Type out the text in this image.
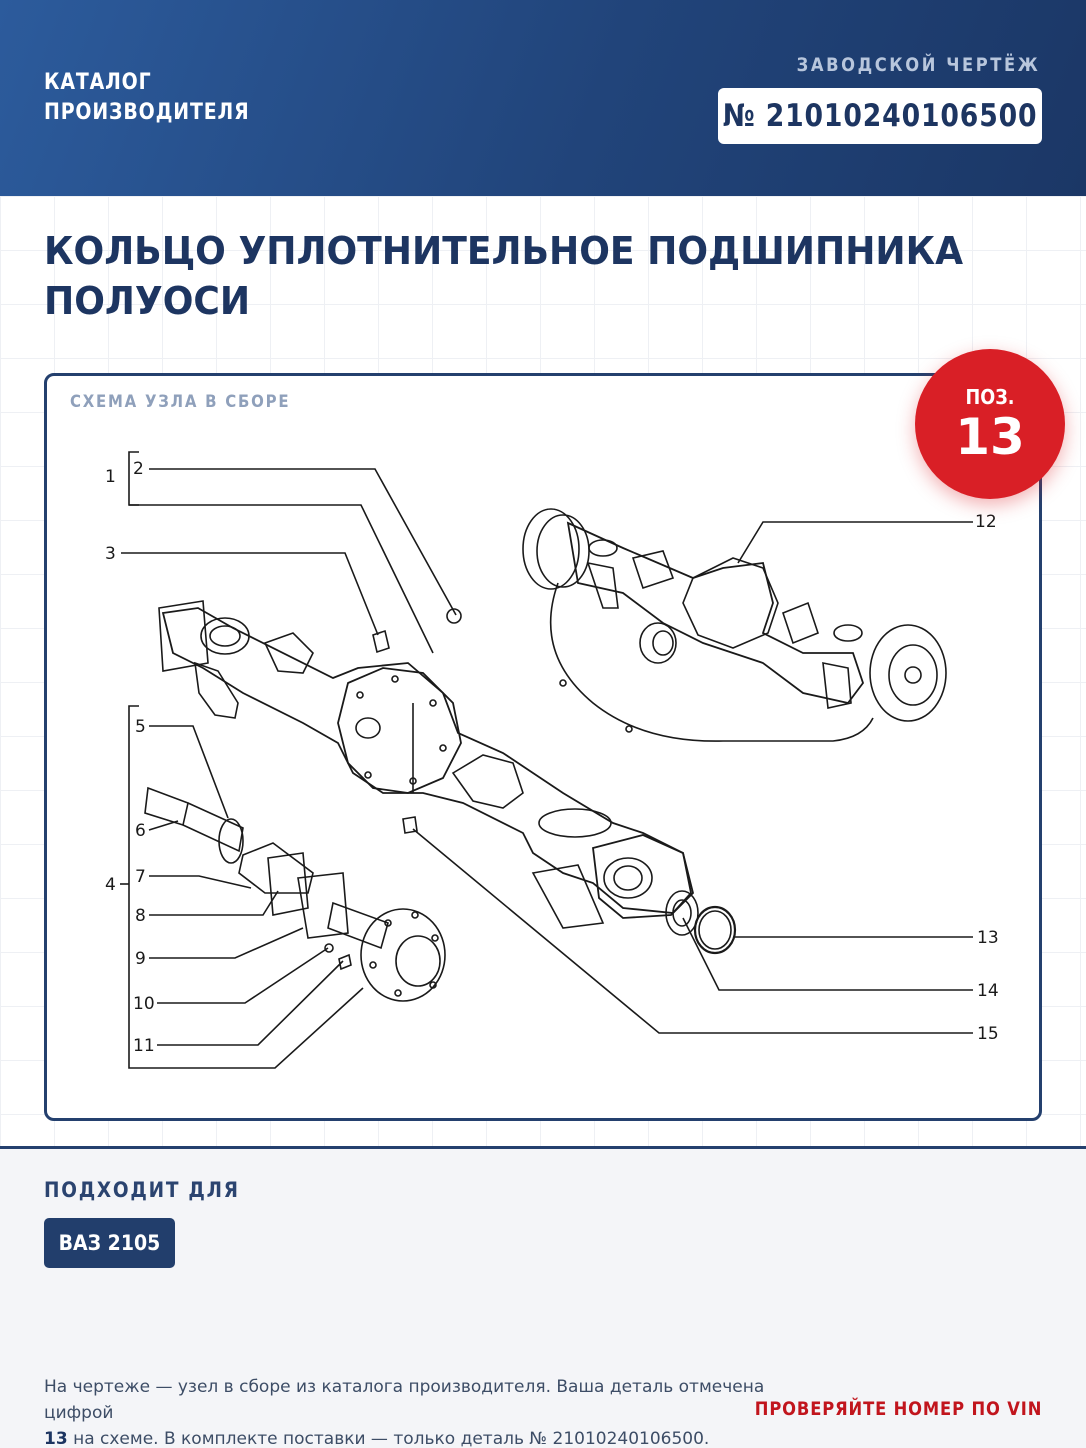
КАТАЛОГ
ПРОИЗВОДИТЕЛЯ
ЗАВОДСКОЙ ЧЕРТЁЖ
№ 21010240106500
КОЛЬЦО УПЛОТНИТЕЛЬНОЕ ПОДШИПНИКА ПОЛУОСИ
1 2
3
4
5
6
7
8
9
10
11
12
13
14
15
СХЕМА УЗЛА В СБОРЕ	ПОЗ.
13
ПОДХОДИТ ДЛЯ
ВАЗ 2105

На чертеже — узел в сборе из каталога производителя. Ваша деталь отмечена цифрой
13 на схеме. В комплекте поставки — только деталь № 21010240106500.

ПРОВЕРЯЙТЕ НОМЕР ПО VIN
